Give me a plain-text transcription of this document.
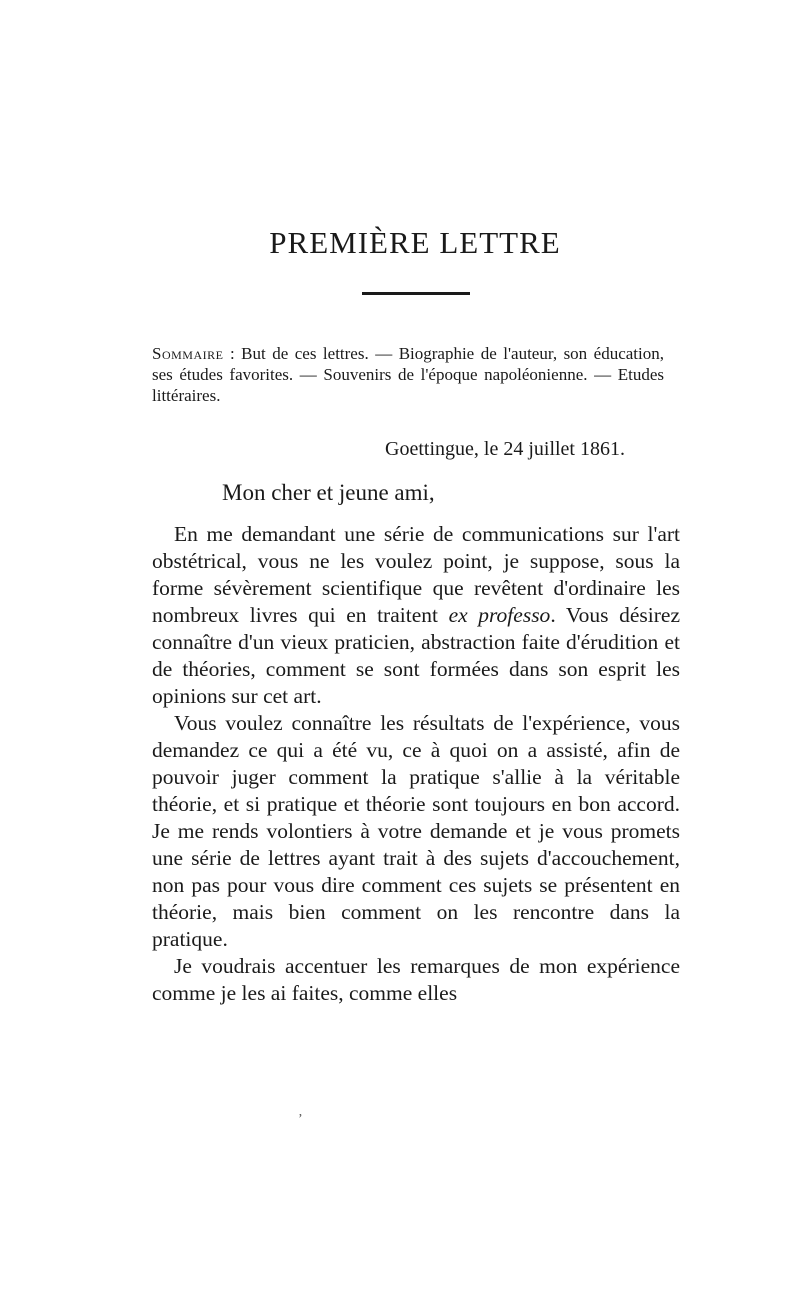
PREMIÈRE LETTRE

Sommaire : But de ces lettres. — Biographie de l'auteur, son éducation, ses études favorites. — Souvenirs de l'époque napoléonienne. — Etudes littéraires.

Goettingue, le 24 juillet 1861.

Mon cher et jeune ami,

En me demandant une série de communications sur l'art obstétrical, vous ne les voulez point, je suppose, sous la forme sévèrement scientifique que revêtent d'ordinaire les nombreux livres qui en traitent ex professo. Vous désirez connaître d'un vieux praticien, abstraction faite d'érudition et de théories, comment se sont formées dans son esprit les opinions sur cet art.

Vous voulez connaître les résultats de l'expérience, vous demandez ce qui a été vu, ce à quoi on a assisté, afin de pouvoir juger comment la pratique s'allie à la véritable théorie, et si pratique et théorie sont toujours en bon accord. Je me rends volontiers à votre demande et je vous promets une série de lettres ayant trait à des sujets d'accouchement, non pas pour vous dire comment ces sujets se présentent en théorie, mais bien comment on les rencontre dans la pratique.

Je voudrais accentuer les remarques de mon expérience comme je les ai faites, comme elles

ʼ
